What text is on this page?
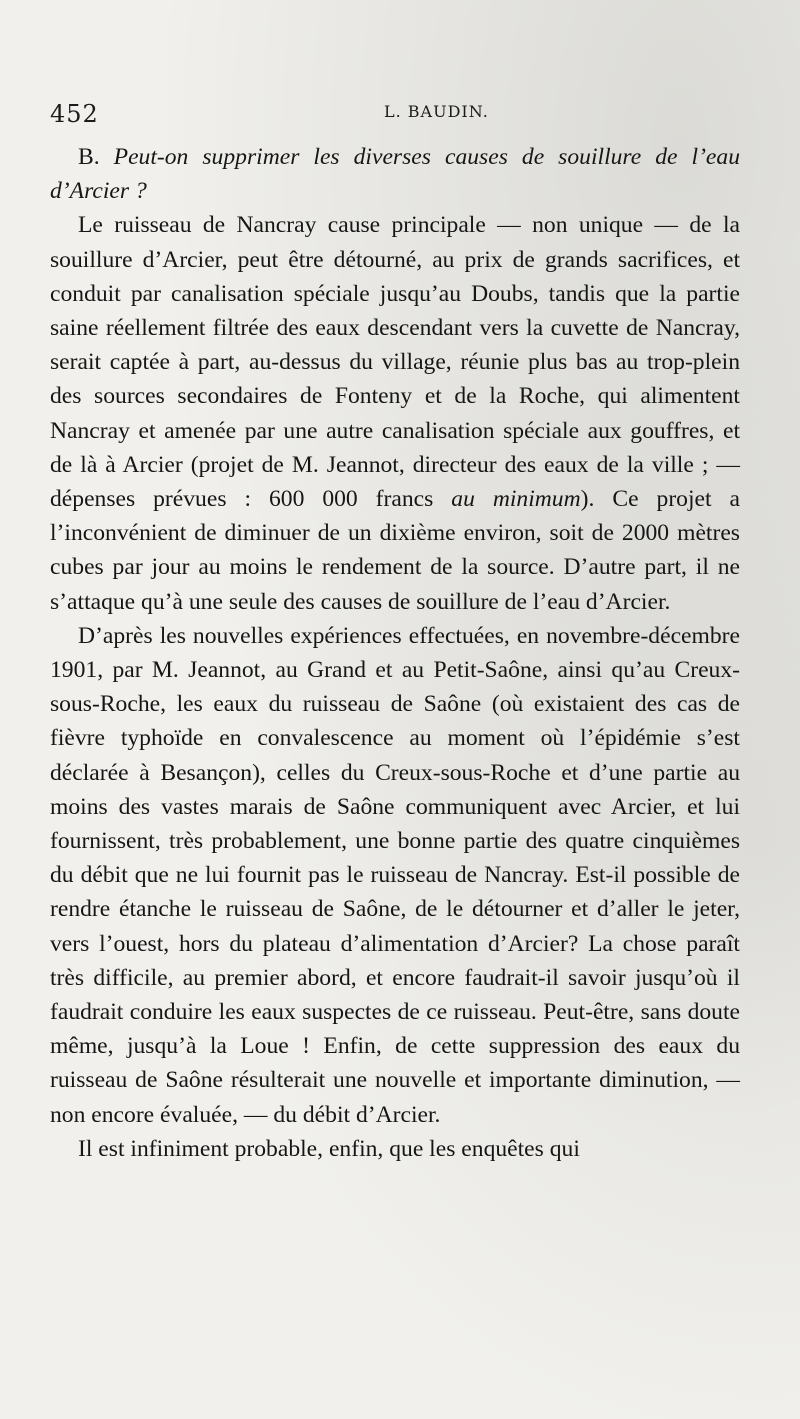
452	L. BAUDIN.

B. Peut-on supprimer les diverses causes de souillure de l’eau d’Arcier ?

Le ruisseau de Nancray cause principale — non unique — de la souillure d’Arcier, peut être détourné, au prix de grands sacrifices, et conduit par canalisation spéciale jusqu’au Doubs, tandis que la partie saine réellement filtrée des eaux descendant vers la cuvette de Nancray, serait captée à part, au-dessus du village, réunie plus bas au trop-plein des sources secondaires de Fonteny et de la Roche, qui alimentent Nancray et amenée par une autre canalisation spéciale aux gouffres, et de là à Arcier (projet de M. Jeannot, directeur des eaux de la ville ; — dépenses prévues : 600 000 francs au minimum). Ce projet a l’inconvénient de diminuer de un dixième environ, soit de 2000 mètres cubes par jour au moins le rendement de la source. D’autre part, il ne s’attaque qu’à une seule des causes de souillure de l’eau d’Arcier.

D’après les nouvelles expériences effectuées, en novembre-décembre 1901, par M. Jeannot, au Grand et au Petit-Saône, ainsi qu’au Creux-sous-Roche, les eaux du ruisseau de Saône (où existaient des cas de fièvre typhoïde en convalescence au moment où l’épidémie s’est déclarée à Besançon), celles du Creux-sous-Roche et d’une partie au moins des vastes marais de Saône communiquent avec Arcier, et lui fournissent, très probablement, une bonne partie des quatre cinquièmes du débit que ne lui fournit pas le ruisseau de Nancray. Est-il possible de rendre étanche le ruisseau de Saône, de le détourner et d’aller le jeter, vers l’ouest, hors du plateau d’alimentation d’Arcier? La chose paraît très difficile, au premier abord, et encore faudrait-il savoir jusqu’où il faudrait conduire les eaux suspectes de ce ruisseau. Peut-être, sans doute même, jusqu’à la Loue ! Enfin, de cette suppression des eaux du ruisseau de Saône résulterait une nouvelle et importante diminution, — non encore évaluée, — du débit d’Arcier.

Il est infiniment probable, enfin, que les enquêtes qui
